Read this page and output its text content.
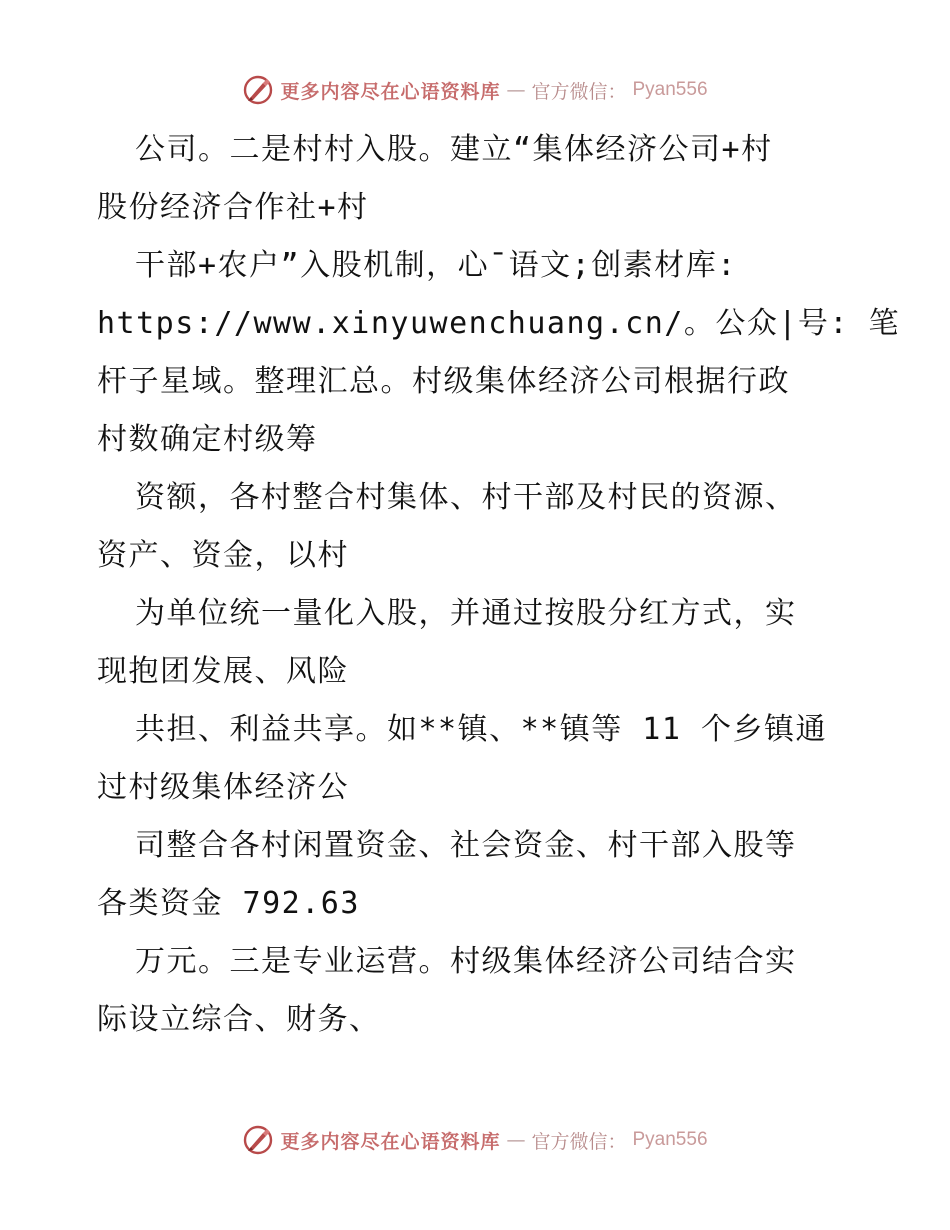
更多内容尽在心语资料库 — 官方微信： Pyan556
公司。二是村村入股。建立“集体经济公司+村
股份经济合作社+村
干部+农户”入股机制，心¯语文;创素材库:
https://www.xinyuwenchuang.cn/。公众|号: 笔
杆子星域。整理汇总。村级集体经济公司根据行政
村数确定村级筹
资额，各村整合村集体、村干部及村民的资源、
资产、资金，以村
为单位统一量化入股，并通过按股分红方式，实
现抱团发展、风险
共担、利益共享。如**镇、**镇等 11 个乡镇通
过村级集体经济公
司整合各村闲置资金、社会资金、村干部入股等
各类资金 792.63
万元。三是专业运营。村级集体经济公司结合实
际设立综合、财务、
更多内容尽在心语资料库 — 官方微信： Pyan556
